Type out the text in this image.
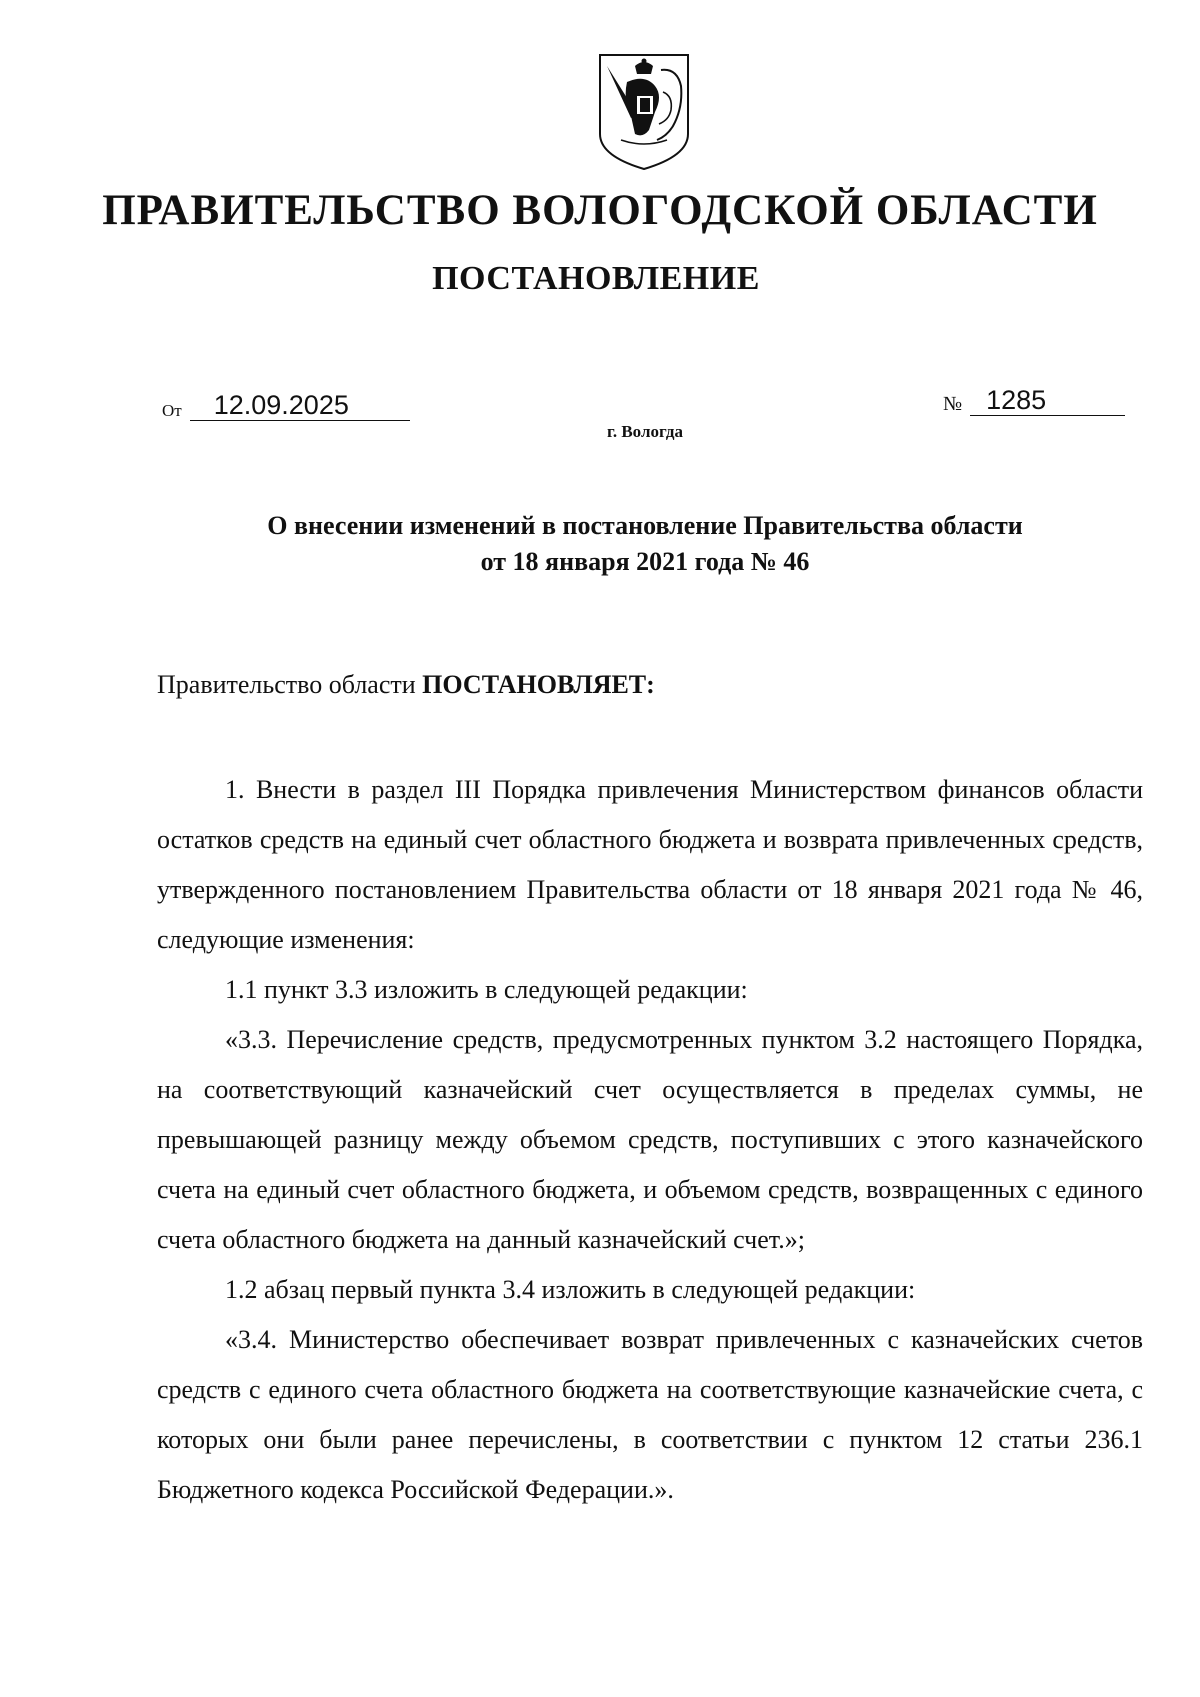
ПРАВИТЕЛЬСТВО ВОЛОГОДСКОЙ ОБЛАСТИ
ПОСТАНОВЛЕНИЕ
От 12.09.2025	№ 1285
г. Вологда
О внесении изменений в постановление Правительства области
от 18 января 2021 года № 46
Правительство области ПОСТАНОВЛЯЕТ:

1. Внести в раздел III Порядка привлечения Министерством финансов области остатков средств на единый счет областного бюджета и возврата привлеченных средств, утвержденного постановлением Правительства области от 18 января 2021 года № 46, следующие изменения:

1.1 пункт 3.3 изложить в следующей редакции:

«3.3. Перечисление средств, предусмотренных пунктом 3.2 настоящего Порядка, на соответствующий казначейский счет осуществляется в пределах суммы, не превышающей разницу между объемом средств, поступивших с этого казначейского счета на единый счет областного бюджета, и объемом средств, возвращенных с единого счета областного бюджета на данный казначейский счет.»;

1.2 абзац первый пункта 3.4 изложить в следующей редакции:

«3.4. Министерство обеспечивает возврат привлеченных с казначейских счетов средств с единого счета областного бюджета на соответствующие казначейские счета, с которых они были ранее перечислены, в соответствии с пунктом 12 статьи 236.1 Бюджетного кодекса Российской Федерации.».
